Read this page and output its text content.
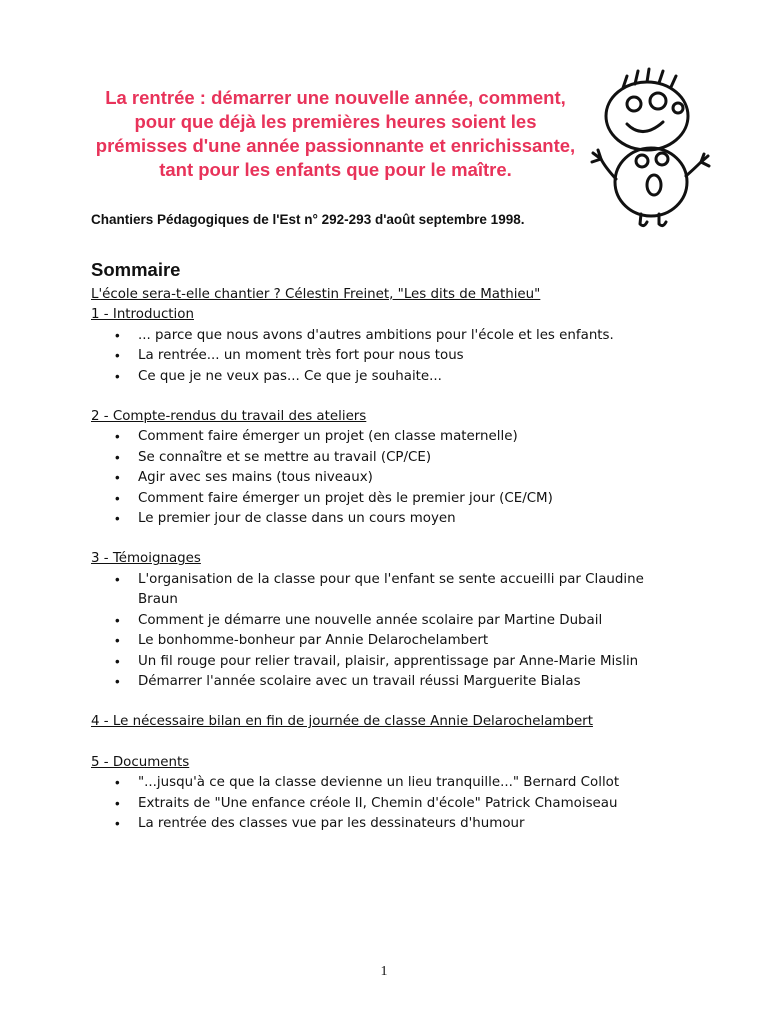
La rentrée : démarrer une nouvelle année, comment, pour que déjà les premières heures soient les prémisses d'une année passionnante et enrichissante, tant pour les enfants que pour le maître.

Chantiers Pédagogiques de l'Est n° 292-293 d'août septembre 1998.

Sommaire

L'école sera-t-elle chantier ? Célestin Freinet, "Les dits de Mathieu"

1 - Introduction

• ... parce que nous avons d'autres ambitions pour l'école et les enfants.
• La rentrée... un moment très fort pour nous tous
• Ce que je ne veux pas... Ce que je souhaite...

2 - Compte-rendus du travail des ateliers

• Comment faire émerger un projet (en classe maternelle)
• Se connaître et se mettre au travail (CP/CE)
• Agir avec ses mains (tous niveaux)
• Comment faire émerger un projet dès le premier jour (CE/CM)
• Le premier jour de classe dans un cours moyen

3 - Témoignages

• L'organisation de la classe pour que l'enfant se sente accueilli par Claudine Braun
• Comment je démarre une nouvelle année scolaire par Martine Dubail
• Le bonhomme-bonheur par Annie Delarochelambert
• Un fil rouge pour relier travail, plaisir, apprentissage par Anne-Marie Mislin
• Démarrer l'année scolaire avec un travail réussi Marguerite Bialas

4 - Le nécessaire bilan en fin de journée de classe Annie Delarochelambert

5 - Documents

• "...jusqu'à ce que la classe devienne un lieu tranquille..." Bernard Collot
• Extraits de "Une enfance créole II, Chemin d'école" Patrick Chamoiseau
• La rentrée des classes vue par les dessinateurs d'humour
1
